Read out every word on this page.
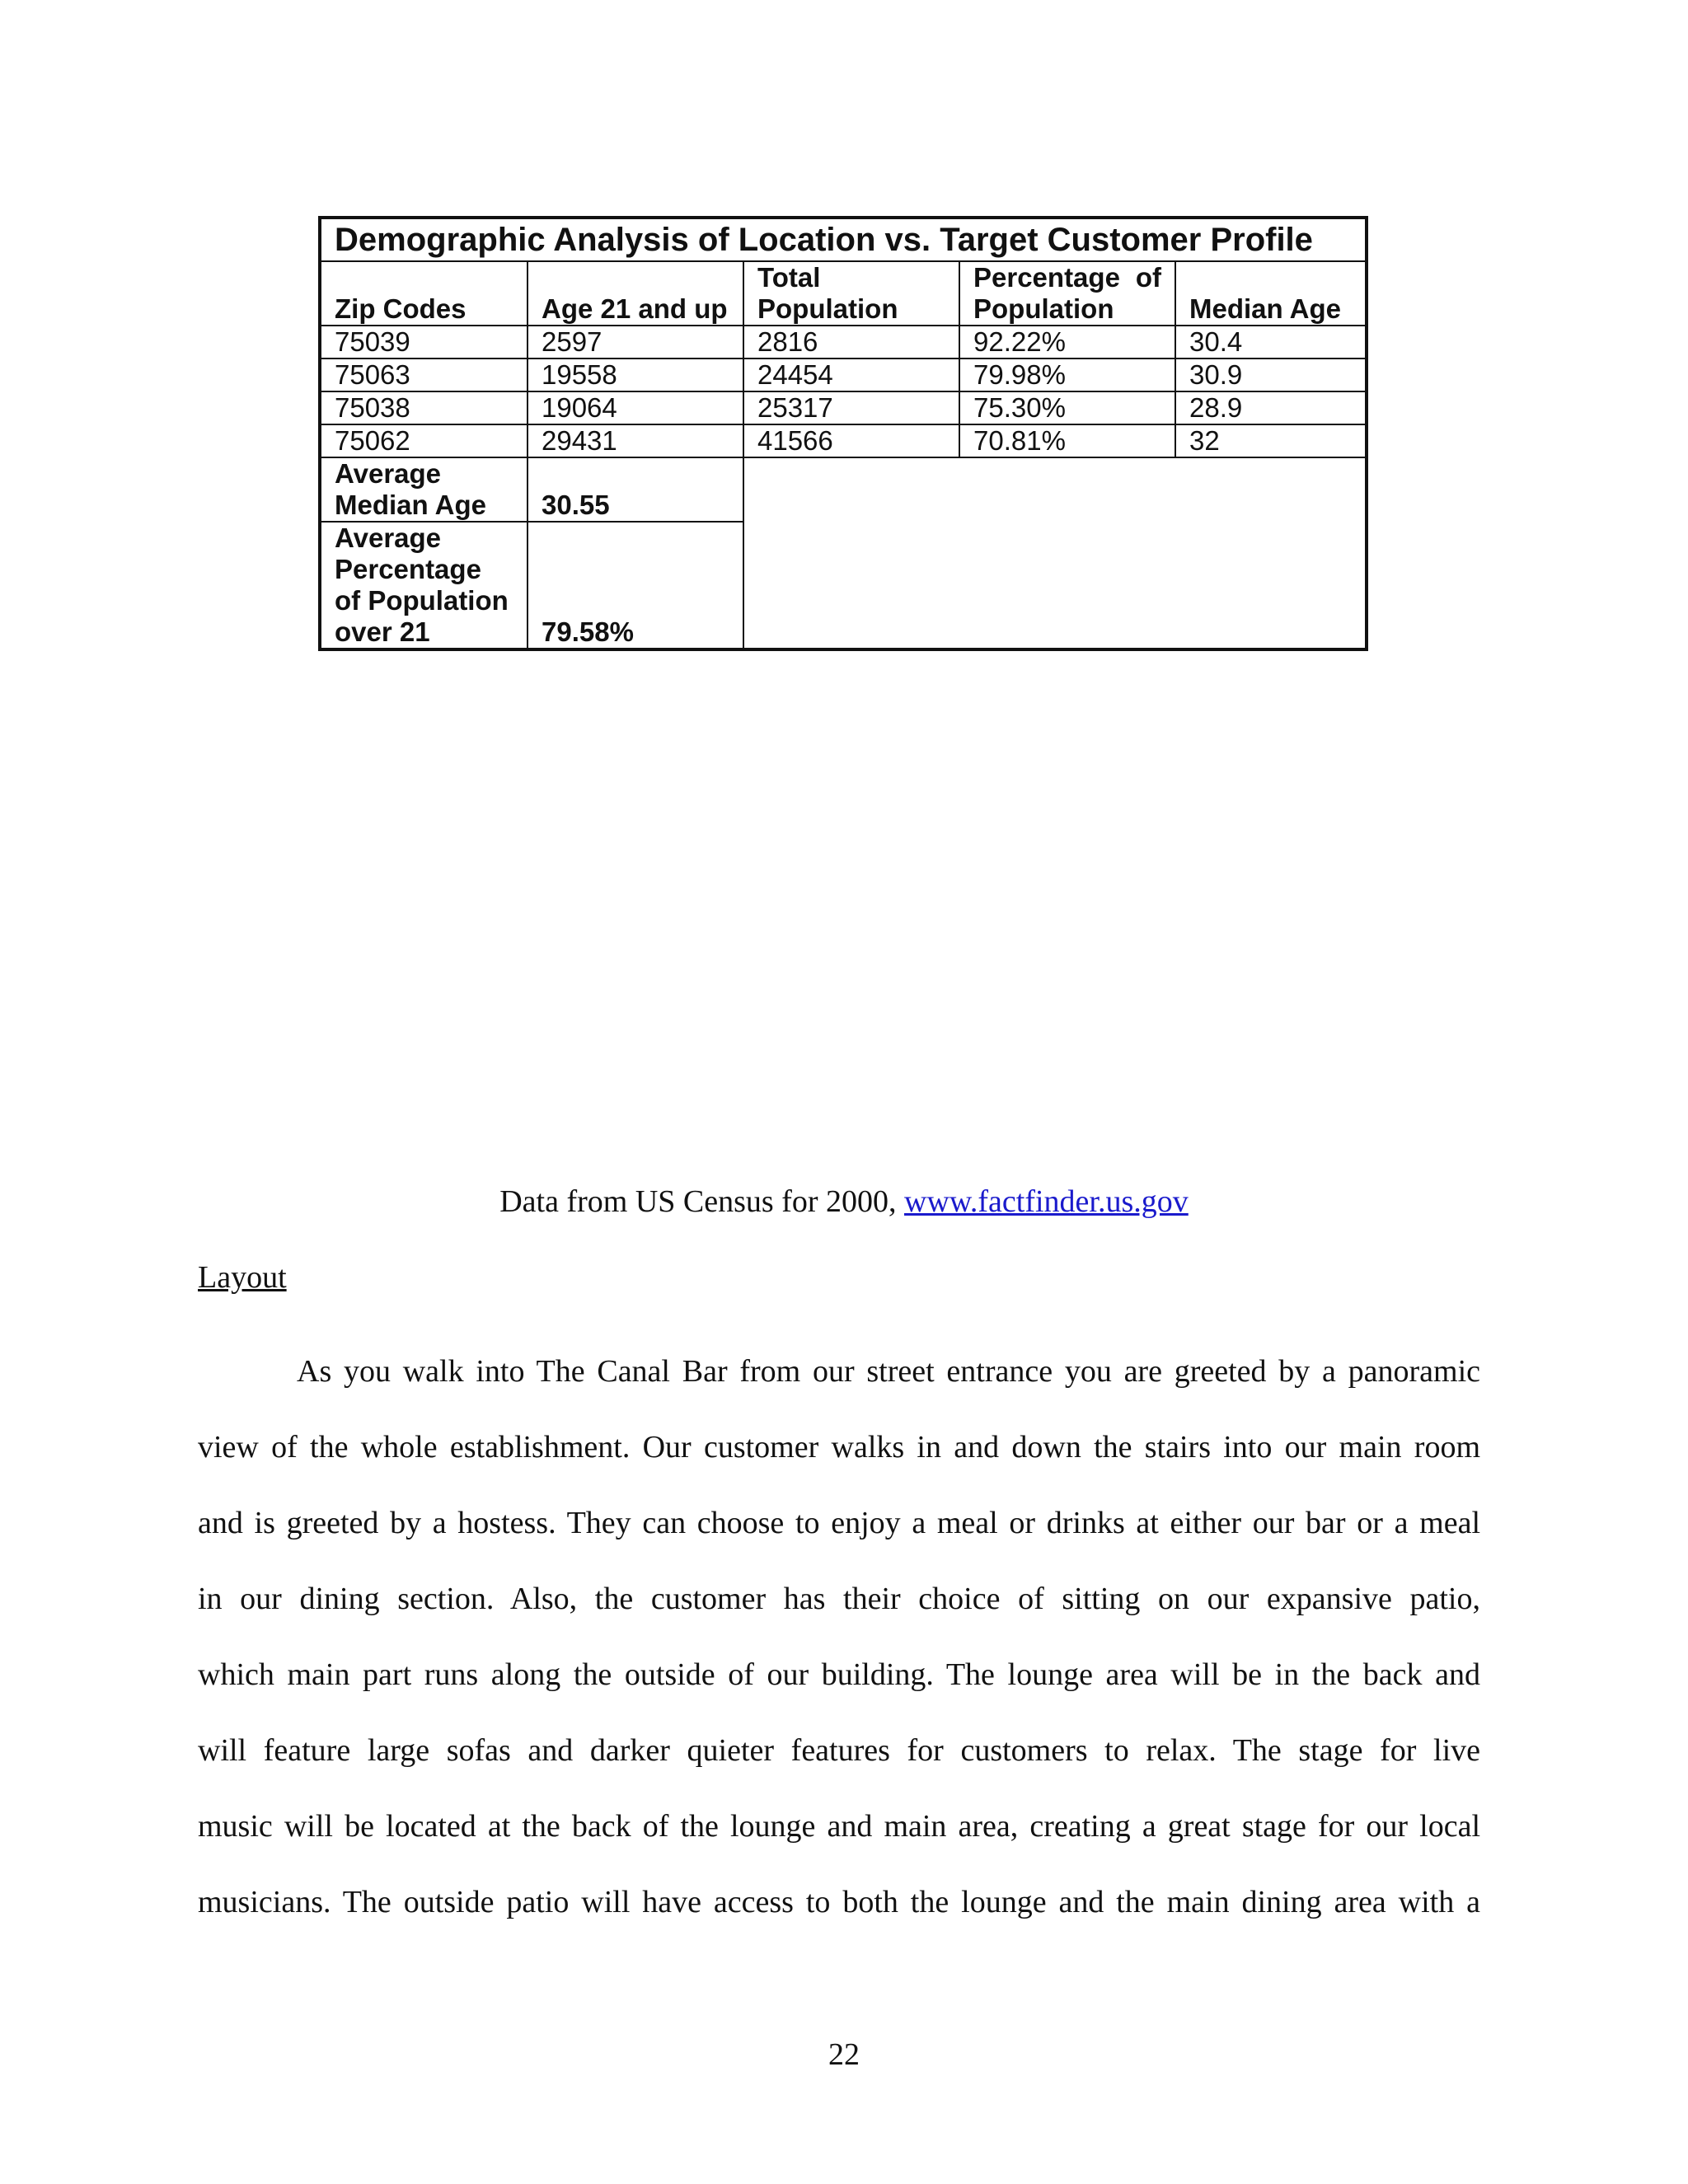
Demographic Analysis of Location vs. Target Customer Profile				
Zip Codes	Age 21 and up	Total Population	Percentage of Population	Median Age
75039	2597	2816	92.22%	30.4
75063	19558	24454	79.98%	30.9
75038	19064	25317	75.30%	28.9
75062	29431	41566	70.81%	32
Average Median Age	30.55			
Average Percentage of Population over 21	79.58%			
Data from US Census for 2000, www.factfinder.us.gov
Layout
As you walk into The Canal Bar from our street entrance you are greeted by a panoramic
view of the whole establishment. Our customer walks in and down the stairs into our main room
and is greeted by a hostess. They can choose to enjoy a meal or drinks at either our bar or a meal
in our dining section. Also, the customer has their choice of sitting on our expansive patio,
which main part runs along the outside of our building. The lounge area will be in the back and
will feature large sofas and darker quieter features for customers to relax. The stage for live
music will be located at the back of the lounge and main area, creating a great stage for our local
musicians. The outside patio will have access to both the lounge and the main dining area with a
22
